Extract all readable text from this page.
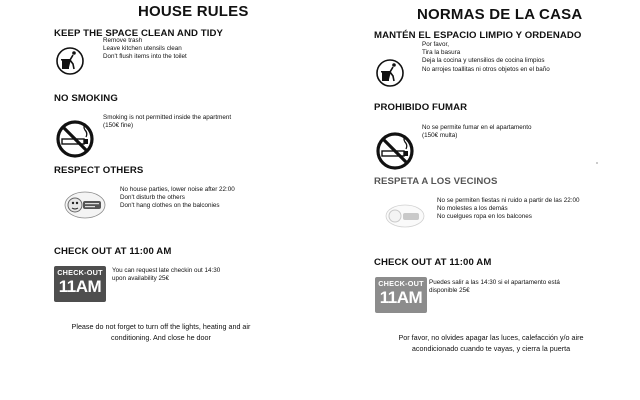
HOUSE RULES
KEEP THE SPACE CLEAN AND TIDY
Remove trash
Leave kitchen utensils clean
Don't flush items into the toilet
NO SMOKING
Smoking is not permitted inside the apartment
(150€ fine)
RESPECT OTHERS
No house parties, lower noise after 22:00
Don't disturb the others
Don't hang clothes on the balconies
CHECK OUT AT 11:00 AM
CHECK-OUT
11AM
You can request late checkin out 14:30
upon availability 25€
Please do not forget to turn off the lights, heating and air
conditioning. And close he door
NORMAS DE LA CASA
MANTÉN EL ESPACIO LIMPIO Y ORDENADO
Por favor,
Tira la basura
Deja la cocina y utensilios de cocina limpios
No arrojes toallitas ni otros objetos en el baño
PROHIBIDO FUMAR
No se permite fumar en el apartamento
(150€ multa)
RESPETA A LOS VECINOS
No se permiten fiestas ni ruido a partir de las 22:00
No molestes a los demás
No cuelgues ropa en los balcones
CHECK OUT AT 11:00 AM
CHECK-OUT
11AM
Puedes salir a las 14:30 si el apartamento está
disponible 25€
Por favor, no olvides apagar las luces, calefacción y/o aire
acondicionado cuando te vayas, y cierra la puerta
